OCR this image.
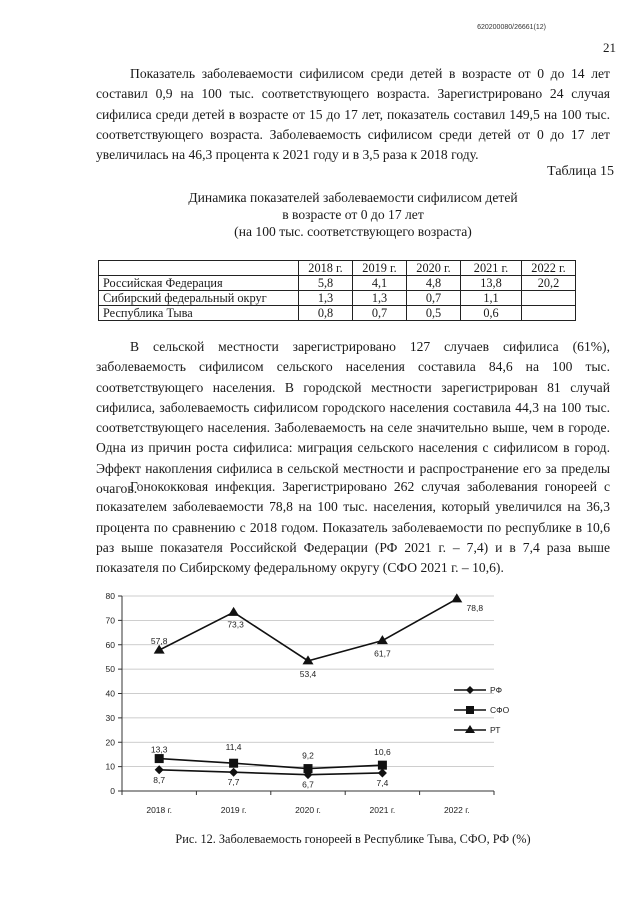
620200080/26661(12)
21

Показатель заболеваемости сифилисом среди детей в возрасте от 0 до 14 лет составил 0,9 на 100 тыс. соответствующего возраста. Зарегистрировано 24 случая сифилиса среди детей в возрасте от 15 до 17 лет, показатель составил 149,5 на 100 тыс. соответствующего возраста. Заболеваемость сифилисом среди детей от 0 до 17 лет увеличилась на 46,3 процента к 2021 году и в 3,5 раза к 2018 году.

Таблица 15
Динамика показателей заболеваемости сифилисом детей
в возрасте от 0 до 17 лет
(на 100 тыс. соответствующего возраста)
	2018 г.	2019 г.	2020 г.	2021 г.	2022 г.
Российская Федерация	5,8	4,1	4,8	13,8	20,2
Сибирский федеральный округ	1,3	1,3	0,7	1,1	
Республика Тыва	0,8	0,7	0,5	0,6	

В сельской местности зарегистрировано 127 случаев сифилиса (61%), заболеваемость сифилисом сельского населения составила 84,6 на 100 тыс. соответствующего населения. В городской местности зарегистрирован 81 случай сифилиса, заболеваемость сифилисом городского населения составила 44,3 на 100 тыс. соответствующего населения. Заболеваемость на селе значительно выше, чем в городе. Одна из причин роста сифилиса: миграция сельского населения с сифилисом в город. Эффект накопления сифилиса в сельской местности и распространение его за пределы очагов.

Гонококковая инфекция. Зарегистрировано 262 случая заболевания гонореей с показателем заболеваемости 78,8 на 100 тыс. населения, который увеличился на 36,3 процента по сравнению с 2018 годом. Показатель заболеваемости по республике в 10,6 раз выше показателя Российской Федерации (РФ 2021 г. – 7,4) и в 7,4 раза выше показателя по Сибирскому федеральному округу (СФО 2021 г. – 10,6).

0
10
20
30
40
50
60
70
80
2018 г.	2019 г.	2020 г.	2021 г.	2022 г.
8,7	7,7	6,7	7,4
13,3	11,4
9,2	10,6
57,8
73,3
53,4
61,7
78,8
РФ
СФО
РТ
Рис. 12. Заболеваемость гонореей в Республике Тыва, СФО, РФ (%)
